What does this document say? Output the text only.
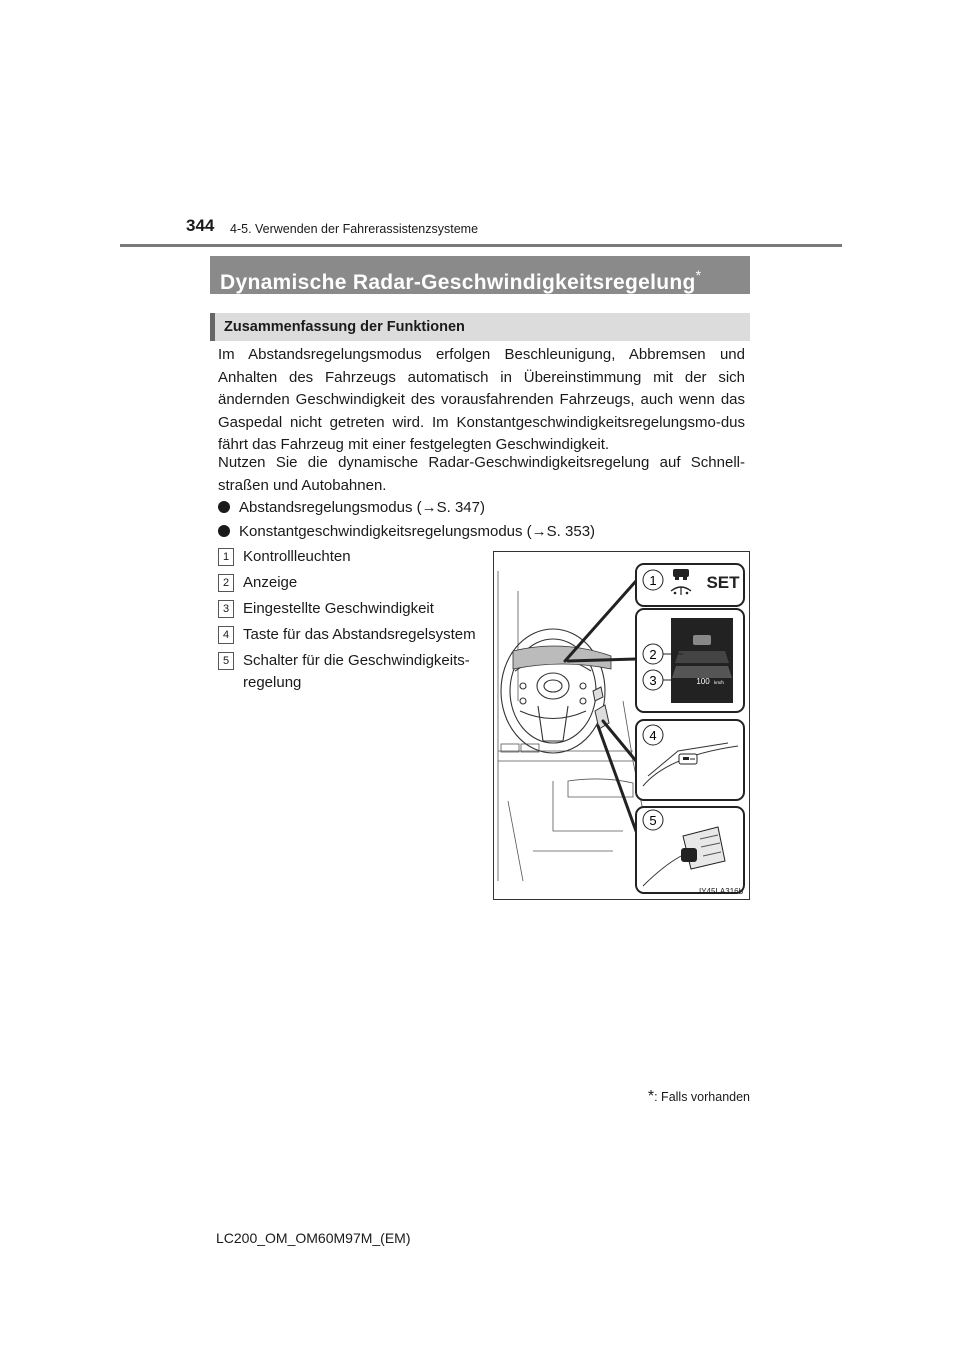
344 4-5. Verwenden der Fahrerassistenzsysteme
Dynamische Radar-Geschwindigkeitsregelung*
Zusammenfassung der Funktionen
Im Abstandsregelungsmodus erfolgen Beschleunigung, Abbremsen und Anhalten des Fahrzeugs automatisch in Übereinstimmung mit der sich ändernden Geschwindigkeit des vorausfahrenden Fahrzeugs, auch wenn das Gaspedal nicht getreten wird. Im Konstantgeschwindigkeitsregelungsmo-dus fährt das Fahrzeug mit einer festgelegten Geschwindigkeit.
Nutzen Sie die dynamische Radar-Geschwindigkeitsregelung auf Schnell-straßen und Autobahnen.
Abstandsregelungsmodus (→S. 347)
Konstantgeschwindigkeitsregelungsmodus (→S. 353)
1 Kontrollleuchten
2 Anzeige
3 Eingestellte Geschwindigkeit
4 Taste für das Abstandsregelsystem
5 Schalter für die Geschwindigkeits-regelung
1	SET
100 km/h
2
3
4
5
IY45LA316b
*: Falls vorhanden
LC200_OM_OM60M97M_(EM)
